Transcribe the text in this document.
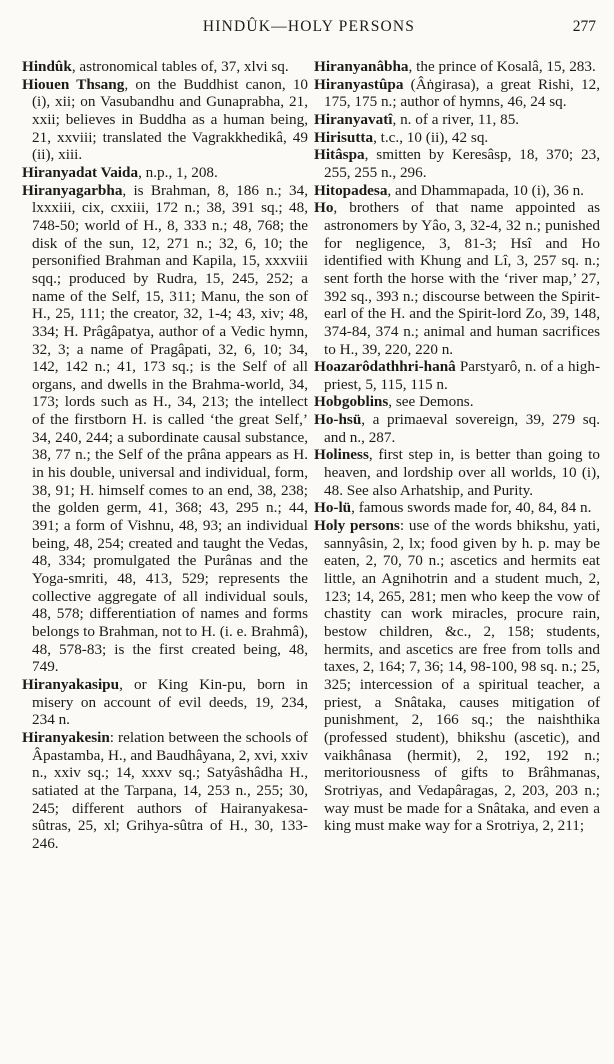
HINDÛK—HOLY PERSONS	277

Hindûk, astronomical tables of, 37, xlvi sq.

Hiouen Thsang, on the Buddhist canon, 10 (i), xii; on Vasubandhu and Gunaprabha, 21, xxii; believes in Buddha as a human being, 21, xxviii; translated the Vagrakkhedikâ, 49 (ii), xiii.

Hiranyadat Vaida, n.p., 1, 208.

Hiranyagarbha, is Brahman, 8, 186 n.; 34, lxxxiii, cix, cxxiii, 172 n.; 38, 391 sq.; 48, 748-50; world of H., 8, 333 n.; 48, 768; the disk of the sun, 12, 271 n.; 32, 6, 10; the personified Brahman and Kapila, 15, xxxviii sqq.; produced by Rudra, 15, 245, 252; a name of the Self, 15, 311; Manu, the son of H., 25, 111; the creator, 32, 1-4; 43, xiv; 48, 334; H. Prâgâpatya, author of a Vedic hymn, 32, 3; a name of Pragâpati, 32, 6, 10; 34, 142, 142 n.; 41, 173 sq.; is the Self of all organs, and dwells in the Brahma-world, 34, 173; lords such as H., 34, 213; the intellect of the firstborn H. is called ‘the great Self,’ 34, 240, 244; a subordinate causal substance, 38, 77 n.; the Self of the prâna appears as H. in his double, universal and individual, form, 38, 91; H. himself comes to an end, 38, 238; the golden germ, 41, 368; 43, 295 n.; 44, 391; a form of Vishnu, 48, 93; an individual being, 48, 254; created and taught the Vedas, 48, 334; promulgated the Purânas and the Yoga-smriti, 48, 413, 529; represents the collective aggregate of all individual souls, 48, 578; differentiation of names and forms belongs to Brahman, not to H. (i. e. Brahmâ), 48, 578-83; is the first created being, 48, 749.

Hiranyakasipu, or King Kin-pu, born in misery on account of evil deeds, 19, 234, 234 n.

Hiranyakesin: relation between the schools of Âpastamba, H., and Baudhâyana, 2, xvi, xxiv n., xxiv sq.; 14, xxxv sq.; Satyâshâdha H., satiated at the Tarpana, 14, 253 n., 255; 30, 245; different authors of Hairanyakesa-sûtras, 25, xl; Grihya-sûtra of H., 30, 133-246.

Hiranyanâbha, the prince of Kosalâ, 15, 283.

Hiranyastûpa (Âṅgirasa), a great Rishi, 12, 175, 175 n.; author of hymns, 46, 24 sq.

Hiranyavatî, n. of a river, 11, 85.

Hirisutta, t.c., 10 (ii), 42 sq.

Hitâspa, smitten by Keresâsp, 18, 370; 23, 255, 255 n., 296.

Hitopadesa, and Dhammapada, 10 (i), 36 n.

Ho, brothers of that name appointed as astronomers by Yâo, 3, 32-4, 32 n.; punished for negligence, 3, 81-3; Hsî and Ho identified with Khung and Lî, 3, 257 sq. n.; sent forth the horse with the ‘river map,’ 27, 392 sq., 393 n.; discourse between the Spirit-earl of the H. and the Spirit-lord Zo, 39, 148, 374-84, 374 n.; animal and human sacrifices to H., 39, 220, 220 n.

Hoazarôdathhri-hanâ Parstyarô, n. of a high-priest, 5, 115, 115 n.

Hobgoblins, see Demons.

Ho-hsü, a primaeval sovereign, 39, 279 sq. and n., 287.

Holiness, first step in, is better than going to heaven, and lordship over all worlds, 10 (i), 48. See also Arhatship, and Purity.

Ho-lü, famous swords made for, 40, 84, 84 n.

Holy persons: use of the words bhikshu, yati, sannyâsin, 2, lx; food given by h. p. may be eaten, 2, 70, 70 n.; ascetics and hermits eat little, an Agnihotrin and a student much, 2, 123; 14, 265, 281; men who keep the vow of chastity can work miracles, procure rain, bestow children, &c., 2, 158; students, hermits, and ascetics are free from tolls and taxes, 2, 164; 7, 36; 14, 98-100, 98 sq. n.; 25, 325; intercession of a spiritual teacher, a priest, a Snâtaka, causes mitigation of punishment, 2, 166 sq.; the naishthika (professed student), bhikshu (ascetic), and vaikhânasa (hermit), 2, 192, 192 n.; meritoriousness of gifts to Brâhmanas, Srotriyas, and Vedapâragas, 2, 203, 203 n.; way must be made for a Snâtaka, and even a king must make way for a Srotriya, 2, 211;
